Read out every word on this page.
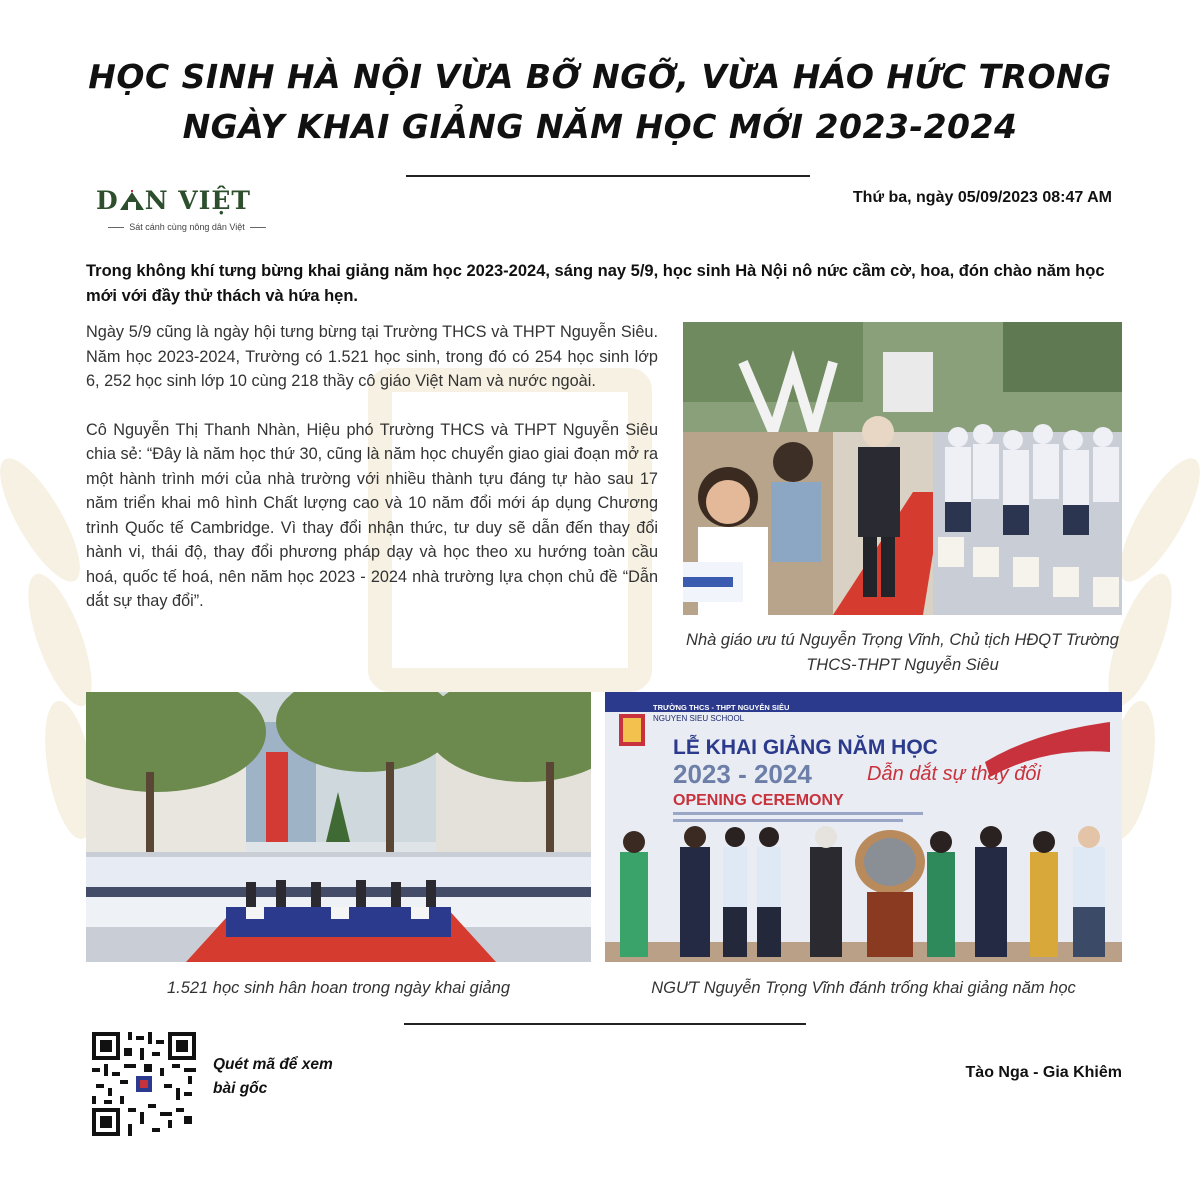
HỌC SINH HÀ NỘI VỪA BỠ NGỠ, VỪA HÁO HỨC TRONG NGÀY KHAI GIẢNG NĂM HỌC MỚI 2023-2024
D N VIỆT
Sát cánh cùng nông dân Việt
Thứ ba, ngày 05/09/2023 08:47 AM
Trong không khí tưng bừng khai giảng năm học 2023-2024, sáng nay 5/9, học sinh Hà Nội nô nức cầm cờ, hoa, đón chào năm học mới với đầy thử thách và hứa hẹn.

Ngày 5/9 cũng là ngày hội tưng bừng tại Trường THCS và THPT Nguyễn Siêu. Năm học 2023-2024, Trường có 1.521 học sinh, trong đó có 254 học sinh lớp 6, 252 học sinh lớp 10 cùng 218 thầy cô giáo Việt Nam và nước ngoài.

Cô Nguyễn Thị Thanh Nhàn, Hiệu phó Trường THCS và THPT Nguyễn Siêu chia sẻ: “Đây là năm học thứ 30, cũng là năm học chuyển giao giai đoạn mở ra một hành trình mới của nhà trường với nhiều thành tựu đáng tự hào sau 17 năm triển khai mô hình Chất lượng cao và 10 năm đổi mới áp dụng Chương trình Quốc tế Cambridge. Vì thay đổi nhận thức, tư duy sẽ dẫn đến thay đổi hành vi, thái độ, thay đổi phương pháp dạy và học theo xu hướng toàn cầu hoá, quốc tế hoá, nên năm học 2023 - 2024 nhà trường lựa chọn chủ đề “Dẫn dắt sự thay đổi”.

Nhà giáo ưu tú Nguyễn Trọng Vĩnh, Chủ tịch HĐQT Trường THCS-THPT Nguyễn Siêu
1.521 học sinh hân hoan trong ngày khai giảng
TRƯỜNG THCS - THPT NGUYỄN SIÊU
NGUYEN SIEU SCHOOL
LỄ KHAI GIẢNG NĂM HỌC
2023 - 2024	Dẫn dắt sự thay đổi
OPENING CEREMONY
NGƯT Nguyễn Trọng Vĩnh đánh trống khai giảng năm học
Quét mã để xem bài gốc
Tào Nga - Gia Khiêm
